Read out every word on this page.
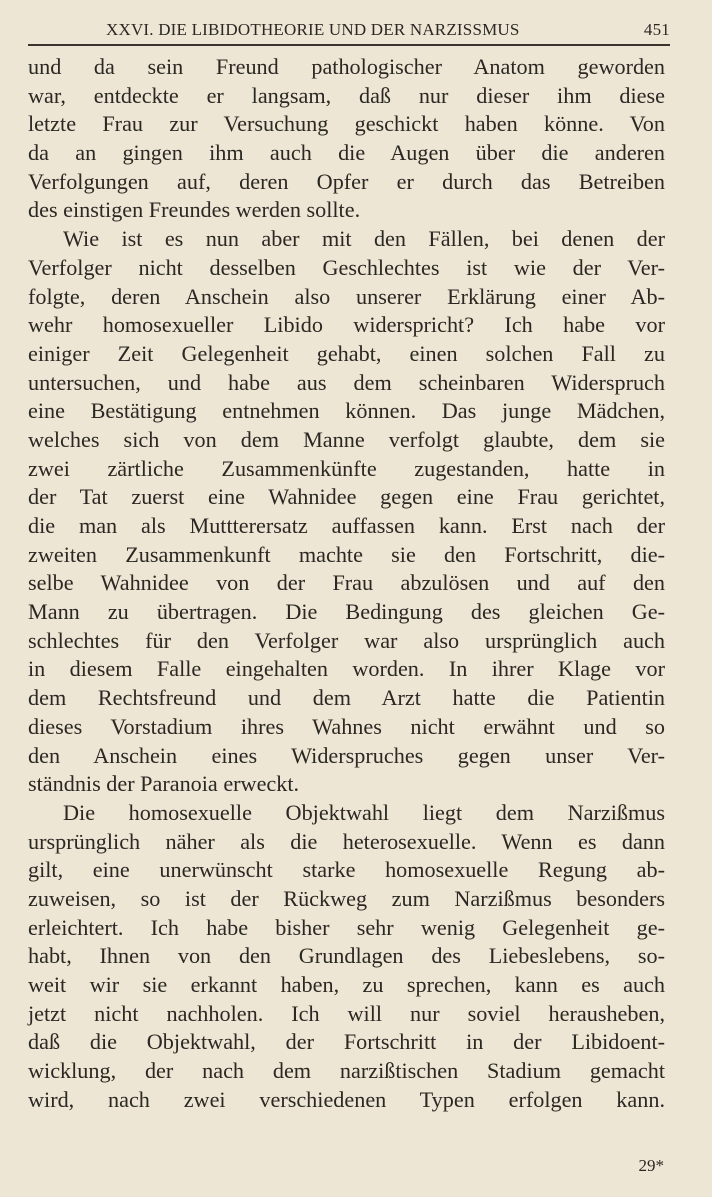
XXVI. DIE LIBIDOTHEORIE UND DER NARZISSMUS	451
und da sein Freund pathologischer Anatom geworden
war, entdeckte er langsam, daß nur dieser ihm diese
letzte Frau zur Versuchung geschickt haben könne. Von
da an gingen ihm auch die Augen über die anderen
Verfolgungen auf, deren Opfer er durch das Betreiben
des einstigen Freundes werden sollte.
Wie ist es nun aber mit den Fällen, bei denen der
Verfolger nicht desselben Geschlechtes ist wie der Ver-
folgte, deren Anschein also unserer Erklärung einer Ab-
wehr homosexueller Libido widerspricht? Ich habe vor
einiger Zeit Gelegenheit gehabt, einen solchen Fall zu
untersuchen, und habe aus dem scheinbaren Widerspruch
eine Bestätigung entnehmen können. Das junge Mädchen,
welches sich von dem Manne verfolgt glaubte, dem sie
zwei zärtliche Zusammenkünfte zugestanden, hatte in
der Tat zuerst eine Wahnidee gegen eine Frau gerichtet,
die man als Muttterersatz auffassen kann. Erst nach der
zweiten Zusammenkunft machte sie den Fortschritt, die-
selbe Wahnidee von der Frau abzulösen und auf den
Mann zu übertragen. Die Bedingung des gleichen Ge-
schlechtes für den Verfolger war also ursprünglich auch
in diesem Falle eingehalten worden. In ihrer Klage vor
dem Rechtsfreund und dem Arzt hatte die Patientin
dieses Vorstadium ihres Wahnes nicht erwähnt und so
den Anschein eines Widerspruches gegen unser Ver-
ständnis der Paranoia erweckt.
Die homosexuelle Objektwahl liegt dem Narzißmus
ursprünglich näher als die heterosexuelle. Wenn es dann
gilt, eine unerwünscht starke homosexuelle Regung ab-
zuweisen, so ist der Rückweg zum Narzißmus besonders
erleichtert. Ich habe bisher sehr wenig Gelegenheit ge-
habt, Ihnen von den Grundlagen des Liebeslebens, so-
weit wir sie erkannt haben, zu sprechen, kann es auch
jetzt nicht nachholen. Ich will nur soviel herausheben,
daß die Objektwahl, der Fortschritt in der Libidoent-
wicklung, der nach dem narzißtischen Stadium gemacht
wird, nach zwei verschiedenen Typen erfolgen kann.
29*
